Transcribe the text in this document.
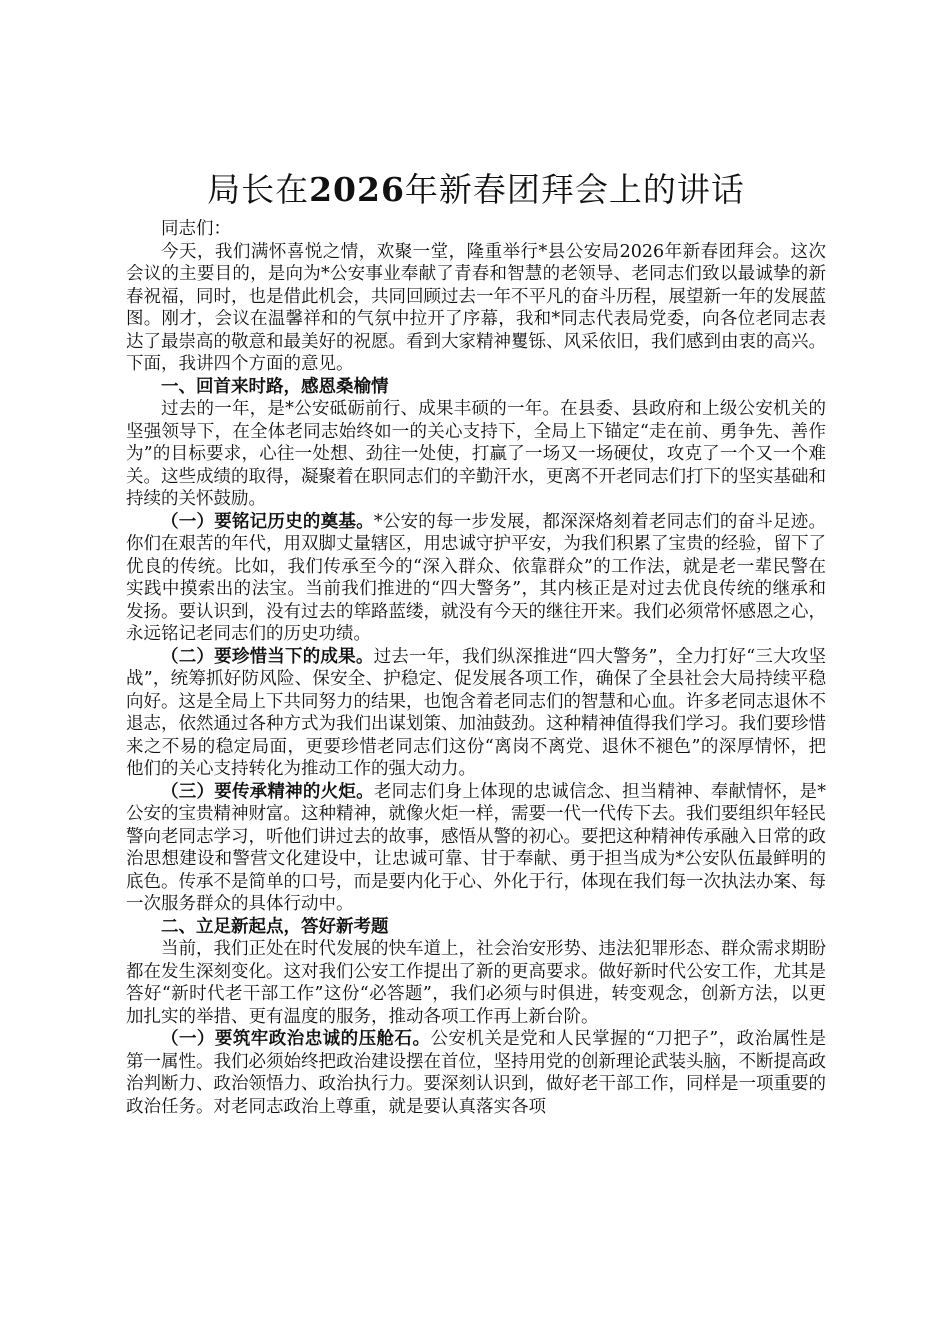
局长在2026年新春团拜会上的讲话

同志们：

今天，我们满怀喜悦之情，欢聚一堂，隆重举行*县公安局2026年新春团拜会。这次会议的主要目的，是向为*公安事业奉献了青春和智慧的老领导、老同志们致以最诚挚的新春祝福，同时，也是借此机会，共同回顾过去一年不平凡的奋斗历程，展望新一年的发展蓝图。刚才，会议在温馨祥和的气氛中拉开了序幕，我和*同志代表局党委，向各位老同志表达了最崇高的敬意和最美好的祝愿。看到大家精神矍铄、风采依旧，我们感到由衷的高兴。下面，我讲四个方面的意见。

一、回首来时路，感恩桑榆情

过去的一年，是*公安砥砺前行、成果丰硕的一年。在县委、县政府和上级公安机关的坚强领导下，在全体老同志始终如一的关心支持下，全局上下锚定“走在前、勇争先、善作为”的目标要求，心往一处想、劲往一处使，打赢了一场又一场硬仗，攻克了一个又一个难关。这些成绩的取得，凝聚着在职同志们的辛勤汗水，更离不开老同志们打下的坚实基础和持续的关怀鼓励。

（一）要铭记历史的奠基。*公安的每一步发展，都深深烙刻着老同志们的奋斗足迹。你们在艰苦的年代，用双脚丈量辖区，用忠诚守护平安，为我们积累了宝贵的经验，留下了优良的传统。比如，我们传承至今的“深入群众、依靠群众”的工作法，就是老一辈民警在实践中摸索出的法宝。当前我们推进的“四大警务”，其内核正是对过去优良传统的继承和发扬。要认识到，没有过去的筚路蓝缕，就没有今天的继往开来。我们必须常怀感恩之心，永远铭记老同志们的历史功绩。

（二）要珍惜当下的成果。过去一年，我们纵深推进“四大警务”，全力打好“三大攻坚战”，统筹抓好防风险、保安全、护稳定、促发展各项工作，确保了全县社会大局持续平稳向好。这是全局上下共同努力的结果，也饱含着老同志们的智慧和心血。许多老同志退休不退志，依然通过各种方式为我们出谋划策、加油鼓劲。这种精神值得我们学习。我们要珍惜来之不易的稳定局面，更要珍惜老同志们这份“离岗不离党、退休不褪色”的深厚情怀，把他们的关心支持转化为推动工作的强大动力。

（三）要传承精神的火炬。老同志们身上体现的忠诚信念、担当精神、奉献情怀，是*公安的宝贵精神财富。这种精神，就像火炬一样，需要一代一代传下去。我们要组织年轻民警向老同志学习，听他们讲过去的故事，感悟从警的初心。要把这种精神传承融入日常的政治思想建设和警营文化建设中，让忠诚可靠、甘于奉献、勇于担当成为*公安队伍最鲜明的底色。传承不是简单的口号，而是要内化于心、外化于行，体现在我们每一次执法办案、每一次服务群众的具体行动中。

二、立足新起点，答好新考题

当前，我们正处在时代发展的快车道上，社会治安形势、违法犯罪形态、群众需求期盼都在发生深刻变化。这对我们公安工作提出了新的更高要求。做好新时代公安工作，尤其是答好“新时代老干部工作”这份“必答题”，我们必须与时俱进，转变观念，创新方法，以更加扎实的举措、更有温度的服务，推动各项工作再上新台阶。

（一）要筑牢政治忠诚的压舱石。公安机关是党和人民掌握的“刀把子”，政治属性是第一属性。我们必须始终把政治建设摆在首位，坚持用党的创新理论武装头脑，不断提高政治判断力、政治领悟力、政治执行力。要深刻认识到，做好老干部工作，同样是一项重要的政治任务。对老同志政治上尊重，就是要认真落实各项
